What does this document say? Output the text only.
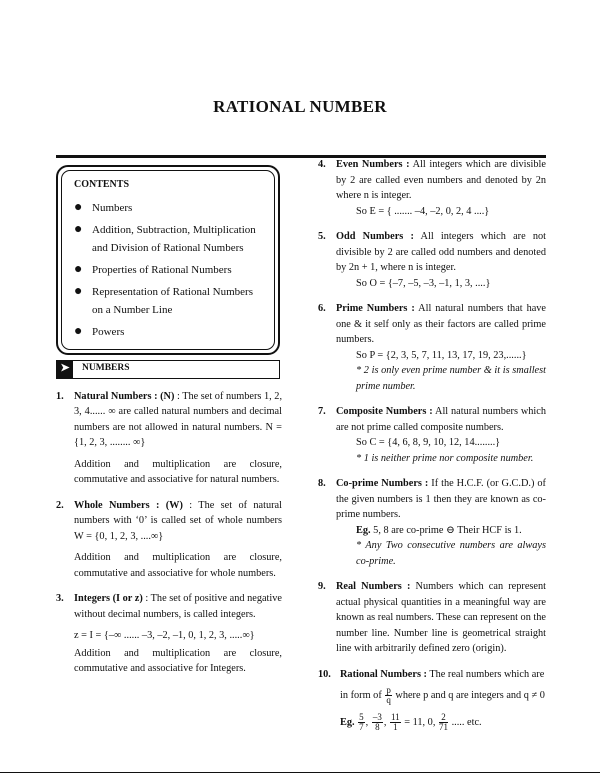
RATIONAL NUMBER
CONTENTS
● Numbers
● Addition, Subtraction, Multiplication and Division of Rational Numbers
● Properties of Rational Numbers
● Representation of Rational Numbers on a Number Line
● Powers
➤	NUMBERS
1. Natural Numbers : (N) : The set of numbers 1, 2, 3, 4...... ∞ are called natural numbers and decimal numbers are not allowed in natural numbers. N = {1, 2, 3, ........ ∞}
Addition and multiplication are closure, commutative and associative for natural numbers.
2. Whole Numbers : (W) : The set of natural numbers with ‘0’ is called set of whole numbers W = {0, 1, 2, 3, ....∞}
Addition and multiplication are closure, commutative and associative for whole numbers.
3. Integers (I or z) : The set of positive and negative without decimal numbers, is called integers.
z = I = {–∞ ...... –3, –2, –1, 0, 1, 2, 3, .....∞}
Addition and multiplication are closure, commutative and associative for Integers.
4. Even Numbers : All integers which are divisible by 2 are called even numbers and denoted by 2n where n is integer.
So E = { ....... –4, –2, 0, 2, 4 ....}
5. Odd Numbers : All integers which are not divisible by 2 are called odd numbers and denoted by 2n + 1, where n is integer.
So O = {–7, –5, –3, –1, 1, 3, ....}
6. Prime Numbers : All natural numbers that have one & it self only as their factors are called prime numbers.
So P = {2, 3, 5, 7, 11, 13, 17, 19, 23,......}
* 2 is only even prime number & it is smallest prime number.
7. Composite Numbers : All natural numbers which are not prime called composite numbers.
So C = {4, 6, 8, 9, 10, 12, 14........}
* 1 is neither prime nor composite number.
8. Co-prime Numbers : If the H.C.F. (or G.C.D.) of the given numbers is 1 then they are known as co-prime numbers.
Eg. 5, 8 are co-prime ⊖ Their HCF is 1.
* Any Two consecutive numbers are always co-prime.
9. Real Numbers : Numbers which can represent actual physical quantities in a meaningful way are known as real numbers. These can represent on the number line. Number line is geometrical straight line with arbitrarily defined zero (origin).
10. Rational Numbers : The real numbers which are
in form of $\frac{p}{q}$ where p and q are integers and q ≠ 0
Eg. $\frac{5}{7}$ , $\frac{-3}{8}$ , $\frac{11}{1} = 11$, 0, $\frac{2}{71}$ ..... etc.
